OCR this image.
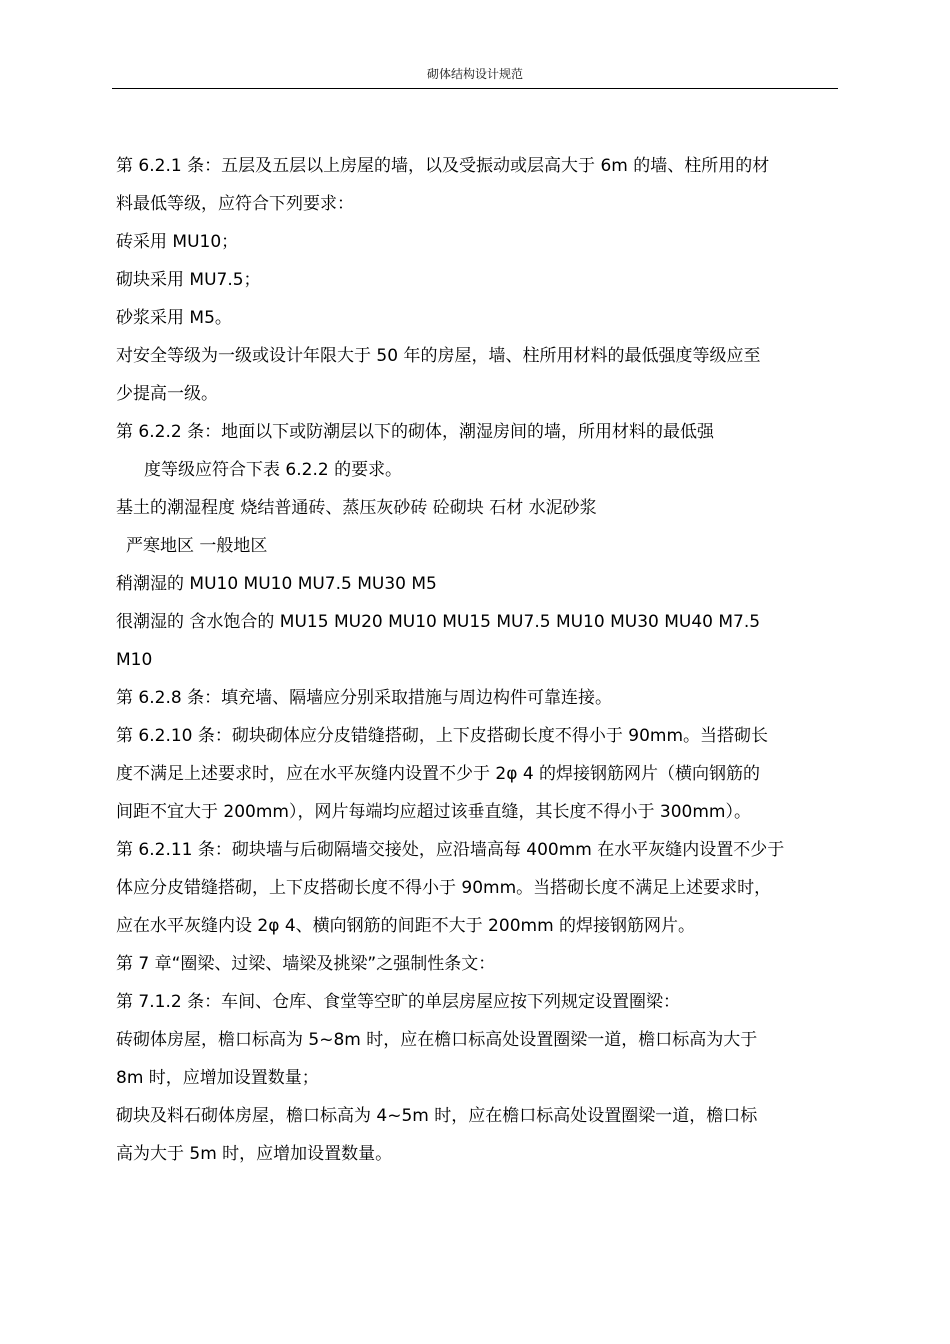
砌体结构设计规范
第 6.2.1 条：五层及五层以上房屋的墙，以及受振动或层高大于 6m 的墙、柱所用的材
料最低等级，应符合下列要求：
砖采用 MU10；
砌块采用 MU7.5；
砂浆采用 M5。
对安全等级为一级或设计年限大于 50 年的房屋，墙、柱所用材料的最低强度等级应至
少提高一级。
第 6.2.2 条：地面以下或防潮层以下的砌体，潮湿房间的墙，所用材料的最低强
度等级应符合下表 6.2.2 的要求。
基土的潮湿程度 烧结普通砖、蒸压灰砂砖 砼砌块 石材 水泥砂浆
严寒地区 一般地区
稍潮湿的 MU10 MU10 MU7.5 MU30 M5
很潮湿的 含水饱合的 MU15 MU20 MU10 MU15 MU7.5 MU10 MU30 MU40 M7.5
M10
第 6.2.8 条：填充墙、隔墙应分别采取措施与周边构件可靠连接。
第 6.2.10 条：砌块砌体应分皮错缝搭砌，上下皮搭砌长度不得小于 90mm。当搭砌长
度不满足上述要求时，应在水平灰缝内设置不少于 2φ 4 的焊接钢筋网片（横向钢筋的
间距不宜大于 200mm），网片每端均应超过该垂直缝，其长度不得小于 300mm）。
第 6.2.11 条：砌块墙与后砌隔墙交接处，应沿墙高每 400mm 在水平灰缝内设置不少于
体应分皮错缝搭砌，上下皮搭砌长度不得小于 90mm。当搭砌长度不满足上述要求时，
应在水平灰缝内设 2φ 4、横向钢筋的间距不大于 200mm 的焊接钢筋网片。
第 7 章“圈梁、过梁、墙梁及挑梁”之强制性条文：
第 7.1.2 条：车间、仓库、食堂等空旷的单层房屋应按下列规定设置圈梁：
砖砌体房屋，檐口标高为 5~8m 时，应在檐口标高处设置圈梁一道，檐口标高为大于
8m 时，应增加设置数量；
砌块及料石砌体房屋，檐口标高为 4~5m 时，应在檐口标高处设置圈梁一道，檐口标
高为大于 5m 时，应增加设置数量。
